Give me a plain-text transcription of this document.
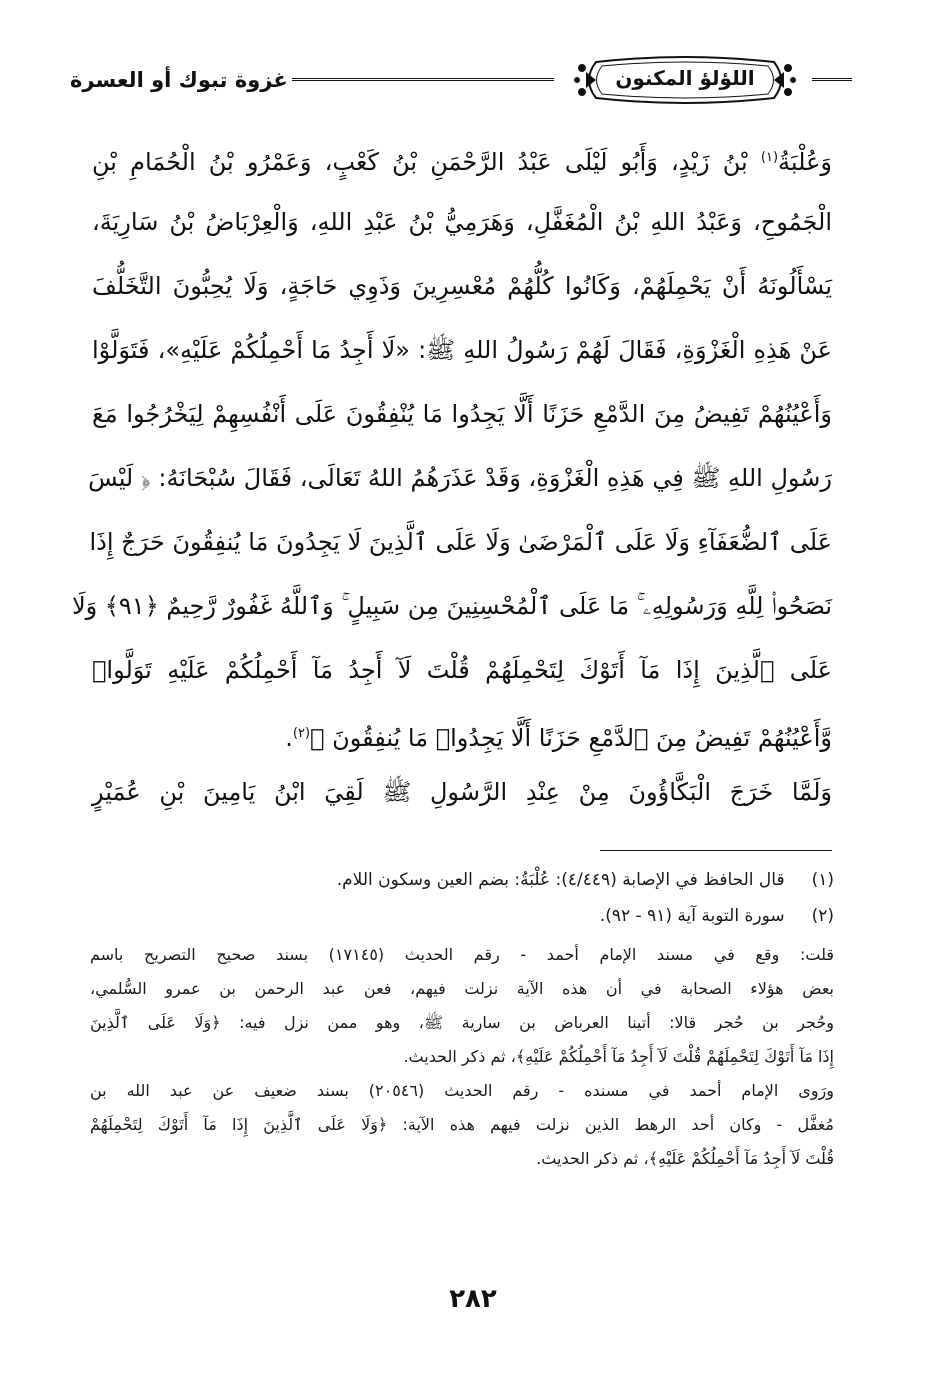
غزوة تبوك أو العسرة	اللؤلؤ المكنون
وَعُلْبَةُ$^{(١)}$ بْنُ زَيْدٍ، وَأَبُو لَيْلَى عَبْدُ الرَّحْمَنِ بْنُ كَعْبٍ، وَعَمْرُو بْنُ الْحُمَامِ بْنِ
الْجَمُوحِ، وَعَبْدُ اللهِ بْنُ الْمُغَفَّلِ، وَهَرَمِيُّ بْنُ عَبْدِ اللهِ، وَالْعِرْبَاضُ بْنُ سَارِيَةَ،
يَسْأَلُونَهُ أَنْ يَحْمِلَهُمْ، وَكَانُوا كُلُّهُمْ مُعْسِرِينَ وَذَوِي حَاجَةٍ، وَلَا يُحِبُّونَ التَّخَلُّفَ
عَنْ هَذِهِ الْغَزْوَةِ، فَقَالَ لَهُمْ رَسُولُ اللهِ ﷺ: «لَا أَجِدُ مَا أَحْمِلُكُمْ عَلَيْهِ»، فَتَوَلَّوْا
وَأَعْيُنُهُمْ تَفِيضُ مِنَ الدَّمْعِ حَزَنًا أَلَّا يَجِدُوا مَا يُنْفِقُونَ عَلَى أَنْفُسِهِمْ لِيَخْرُجُوا مَعَ
رَسُولِ اللهِ ﷺ فِي هَذِهِ الْغَزْوَةِ، وَقَدْ عَذَرَهُمُ اللهُ تَعَالَى، فَقَالَ سُبْحَانَهُ: ﴿ لَيْسَ
عَلَى ٱلضُّعَفَآءِ وَلَا عَلَى ٱلْمَرْضَىٰ وَلَا عَلَى ٱلَّذِينَ لَا يَجِدُونَ مَا يُنفِقُونَ حَرَجٌ إِذَا
نَصَحُوا۟ لِلَّهِ وَرَسُولِهِۦ ۚ مَا عَلَى ٱلْمُحْسِنِينَ مِن سَبِيلٍ ۚ وَٱللَّهُ غَفُورٌ رَّحِيمٌ ﴿٩١﴾ وَلَا
عَلَى ٱلَّذِينَ إِذَا مَآ أَتَوْكَ لِتَحْمِلَهُمْ قُلْتَ لَآ أَجِدُ مَآ أَحْمِلُكُمْ عَلَيْهِ تَوَلَّوا۟
وَّأَعْيُنُهُمْ تَفِيضُ مِنَ ٱلدَّمْعِ حَزَنًا أَلَّا يَجِدُوا۟ مَا يُنفِقُونَ ﴾$^{(٢)}$.
وَلَمَّا خَرَجَ الْبَكَّاؤُونَ مِنْ عِنْدِ الرَّسُولِ ﷺ لَقِيَ ابْنُ يَامِينَ بْنِ عُمَيْرٍ
(١) قال الحافظ في الإصابة (٤/٤٤٩): عُلْبَةُ: بضم العين وسكون اللام.
(٢) سورة التوبة آية (٩١ - ٩٢).
قلت: وقع في مسند الإمام أحمد - رقم الحديث (١٧١٤٥) بسند صحيح التصريح باسم
بعض هؤلاء الصحابة في أن هذه الآية نزلت فيهم، فعن عبد الرحمن بن عمرو السُّلمي،
وحُجر بن حُجر قالا: أتينا العرباض بن سارية ﷺ، وهو ممن نزل فيه: ﴿وَلَا عَلَى ٱلَّذِينَ
إِذَا مَآ أَتَوْكَ لِتَحْمِلَهُمْ قُلْتَ لَآ أَجِدُ مَآ أَحْمِلُكُمْ عَلَيْهِ﴾، ثم ذكر الحديث.
ورَوى الإمام أحمد في مسنده - رقم الحديث (٢٠٥٤٦) بسند ضعيف عن عبد الله بن
مُغفَّل - وكان أحد الرهط الذين نزلت فيهم هذه الآية: ﴿وَلَا عَلَى ٱلَّذِينَ إِذَا مَآ أَتَوْكَ لِتَحْمِلَهُمْ
قُلْتَ لَآ أَجِدُ مَآ أَحْمِلُكُمْ عَلَيْهِ﴾، ثم ذكر الحديث.
٢٨٢
